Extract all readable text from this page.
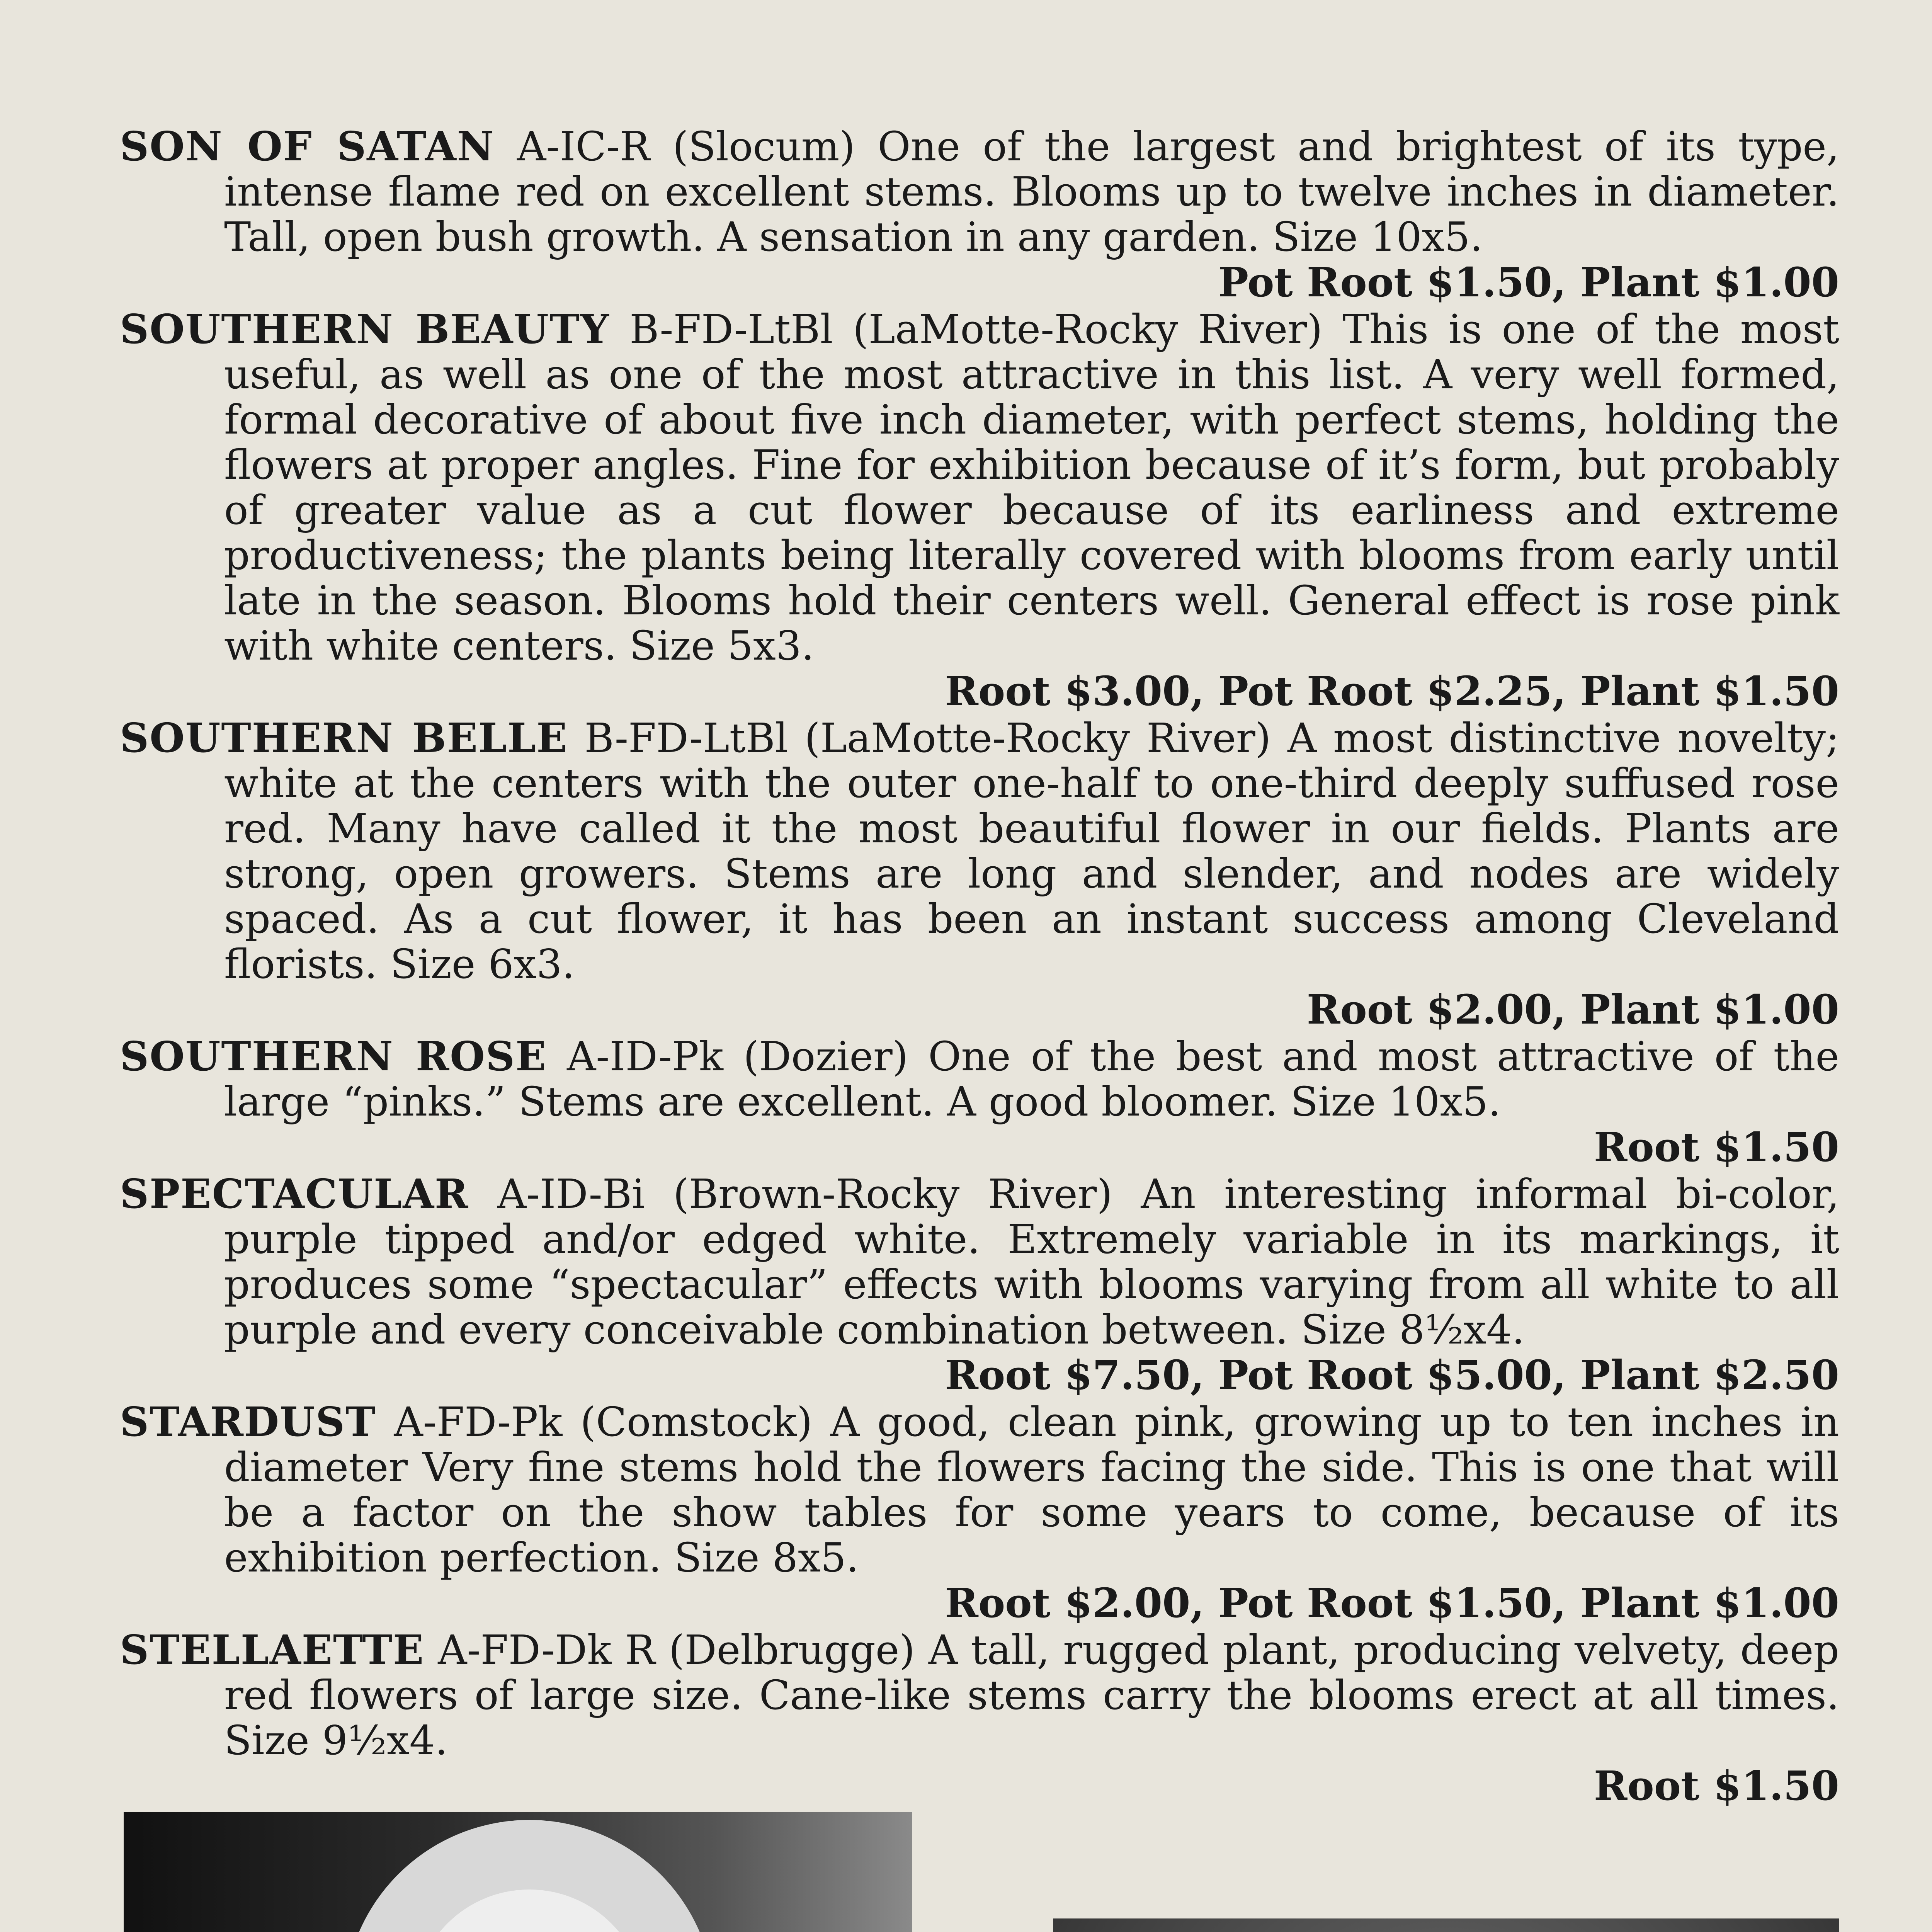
SON OF SATAN A-IC-R (Slocum) One of the largest and brightest of its type, intense flame red on excellent stems. Blooms up to twelve inches in diameter. Tall, open bush growth. A sensation in any garden. Size 10x5.

Pot Root $1.50, Plant $1.00

SOUTHERN BEAUTY B-FD-LtBl (LaMotte-Rocky River) This is one of the most useful, as well as one of the most attractive in this list. A very well formed, formal decorative of about five inch diameter, with perfect stems, holding the flowers at proper angles. Fine for exhibition because of it’s form, but probably of greater value as a cut flower because of its earliness and extreme productiveness; the plants being literally covered with blooms from early until late in the season. Blooms hold their centers well. General effect is rose pink with white centers. Size 5x3.

Root $3.00, Pot Root $2.25, Plant $1.50

SOUTHERN BELLE B-FD-LtBl (LaMotte-Rocky River) A most distinctive novelty; white at the centers with the outer one-half to one-third deeply suffused rose red. Many have called it the most beautiful flower in our fields. Plants are strong, open growers. Stems are long and slender, and nodes are widely spaced. As a cut flower, it has been an instant success among Cleveland florists. Size 6x3.

Root $2.00, Plant $1.00

SOUTHERN ROSE A-ID-Pk (Dozier) One of the best and most attractive of the large “pinks.” Stems are excellent. A good bloomer. Size 10x5.

Root $1.50

SPECTACULAR A-ID-Bi (Brown-Rocky River) An interesting informal bi-color, purple tipped and/or edged white. Extremely variable in its markings, it produces some “spectacular” effects with blooms varying from all white to all purple and every conceivable combination between. Size 8½x4.

Root $7.50, Pot Root $5.00, Plant $2.50

STARDUST A-FD-Pk (Comstock) A good, clean pink, growing up to ten inches in diameter Very fine stems hold the flowers facing the side. This is one that will be a factor on the show tables for some years to come, because of its exhibition perfection. Size 8x5.

Root $2.00, Pot Root $1.50, Plant $1.00

STELLAETTE A-FD-Dk R (Delbrugge) A tall, rugged plant, producing velvety, deep red flowers of large size. Cane-like stems carry the blooms erect at all times. Size 9½x4.

Root $1.50
